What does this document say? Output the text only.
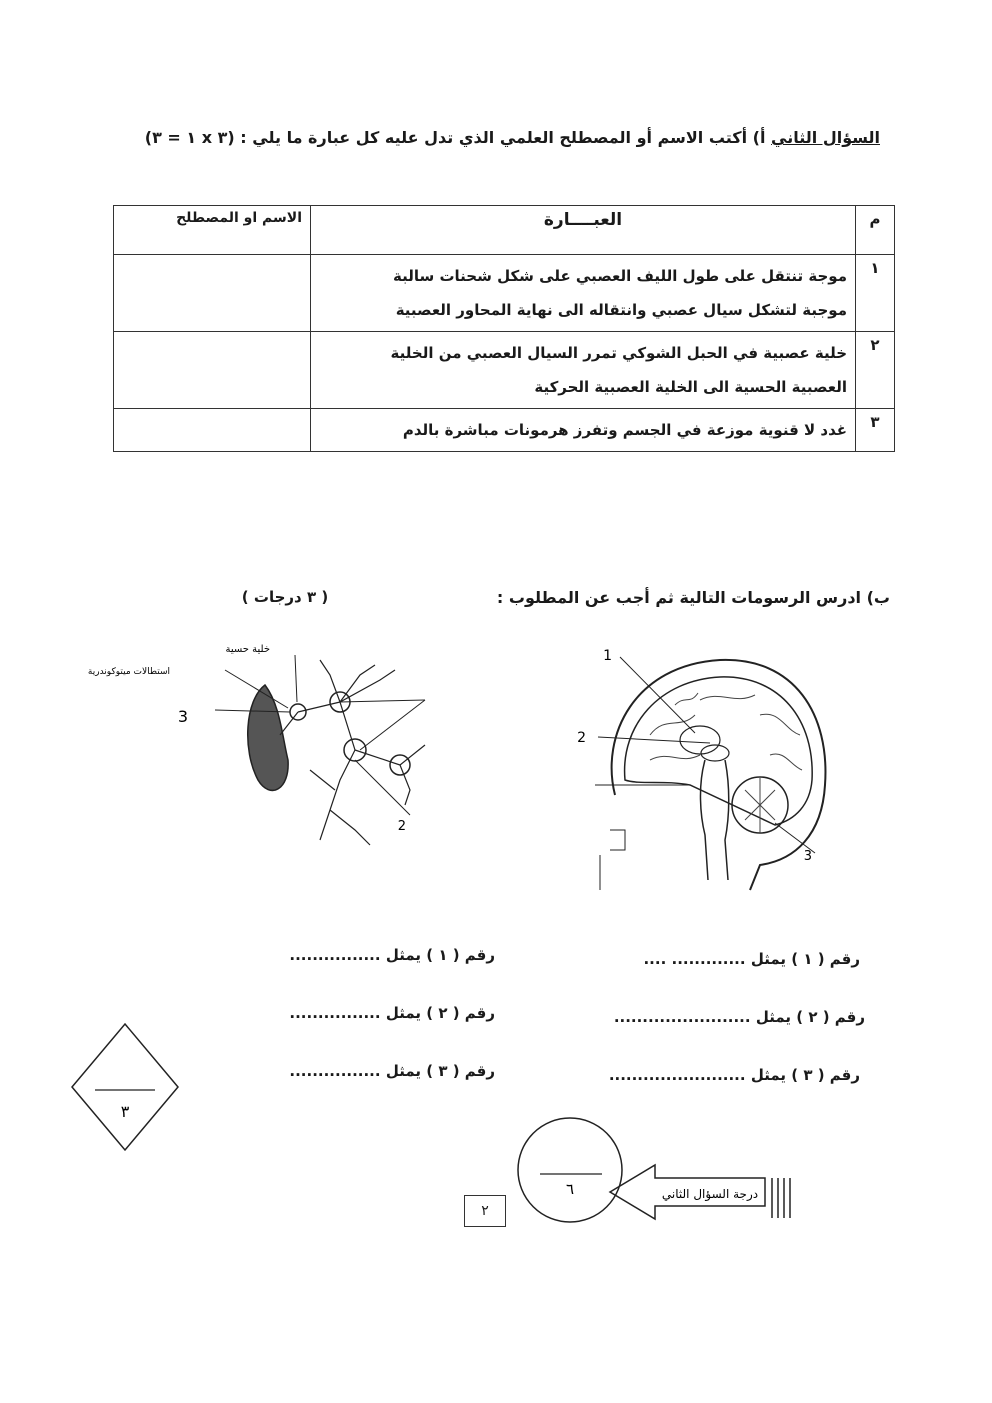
السؤال الثاني أ) أكتب الاسم أو المصطلح العلمي الذي تدل عليه كل عبارة ما يلي : (٣ x ١ = ٣)
م	العبــــارة	الاسم او المصطلح
١	موجة تنتقل على طول الليف العصبي على شكل شحنات سالبة
موجبة لتشكل سيال عصبي وانتقاله الى نهاية المحاور العصبية	

٢	خلية عصبية في الحبل الشوكي تمرر السيال العصبي من الخلية
العصبية الحسية الى الخلية العصبية الحركية	

٣	غدد لا قنوية موزعة في الجسم وتفرز هرمونات مباشرة بالدم	

ب) ادرس الرسومات التالية ثم أجب عن المطلوب :
( ٣ درجات )
خلية حسية
استطالات ميتوكوندرية
3
2
1
2
3
رقم ( ١ ) يمثل ............. ....
رقم ( ٢ ) يمثل ........................
رقم ( ٣ ) يمثل ........................
رقم ( ١ ) يمثل ................
رقم ( ٢ ) يمثل ................
رقم ( ٣ ) يمثل ................
٣
٦	درجة السؤال الثاني
٢
